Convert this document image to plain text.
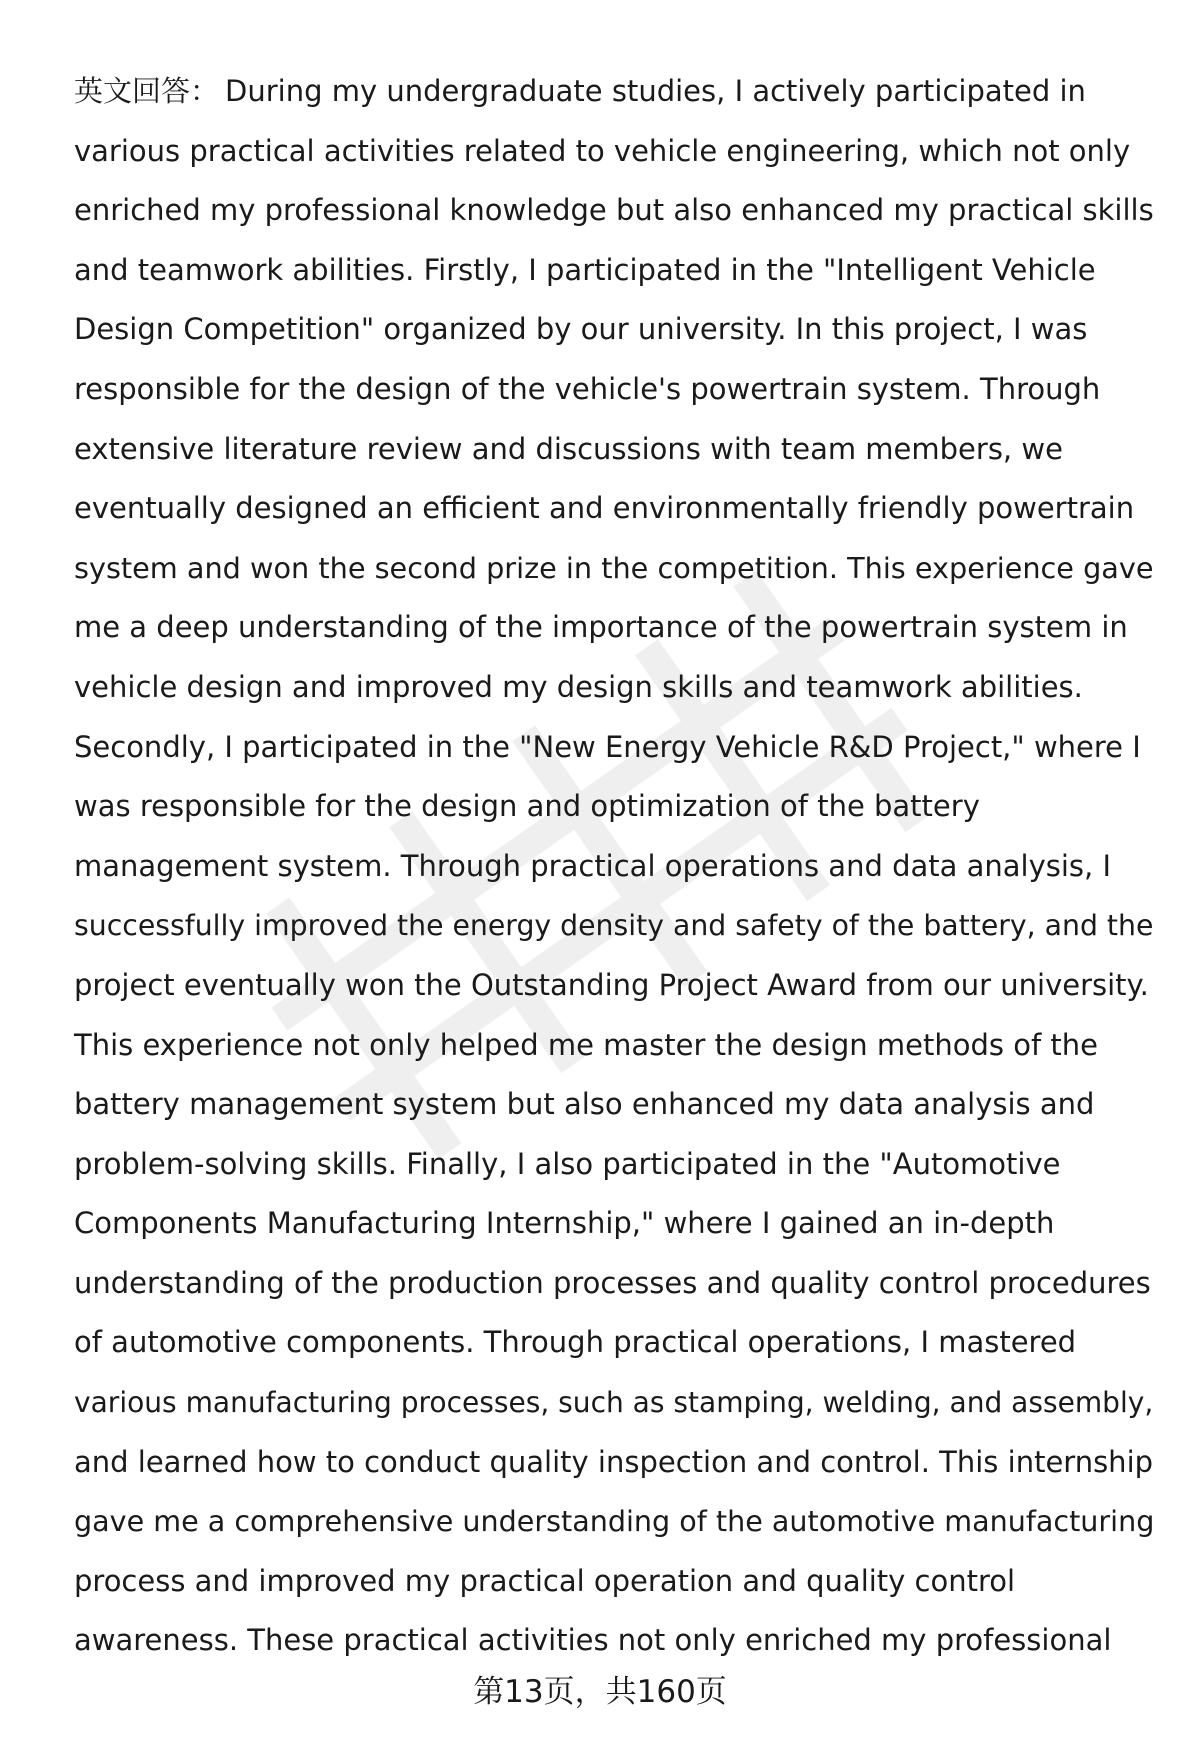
英文回答： During my undergraduate studies, I actively participated in
various practical activities related to vehicle engineering, which not only
enriched my professional knowledge but also enhanced my practical skills
and teamwork abilities. Firstly, I participated in the "Intelligent Vehicle
Design Competition" organized by our university. In this project, I was
responsible for the design of the vehicle's powertrain system. Through
extensive literature review and discussions with team members, we
eventually designed an efficient and environmentally friendly powertrain
system and won the second prize in the competition. This experience gave
me a deep understanding of the importance of the powertrain system in
vehicle design and improved my design skills and teamwork abilities.
Secondly, I participated in the "New Energy Vehicle R&D Project," where I
was responsible for the design and optimization of the battery
management system. Through practical operations and data analysis, I
successfully improved the energy density and safety of the battery, and the
project eventually won the Outstanding Project Award from our university.
This experience not only helped me master the design methods of the
battery management system but also enhanced my data analysis and
problem-solving skills. Finally, I also participated in the "Automotive
Components Manufacturing Internship," where I gained an in-depth
understanding of the production processes and quality control procedures
of automotive components. Through practical operations, I mastered
various manufacturing processes, such as stamping, welding, and assembly,
and learned how to conduct quality inspection and control. This internship
gave me a comprehensive understanding of the automotive manufacturing
process and improved my practical operation and quality control
awareness. These practical activities not only enriched my professional
第13页，共160页
